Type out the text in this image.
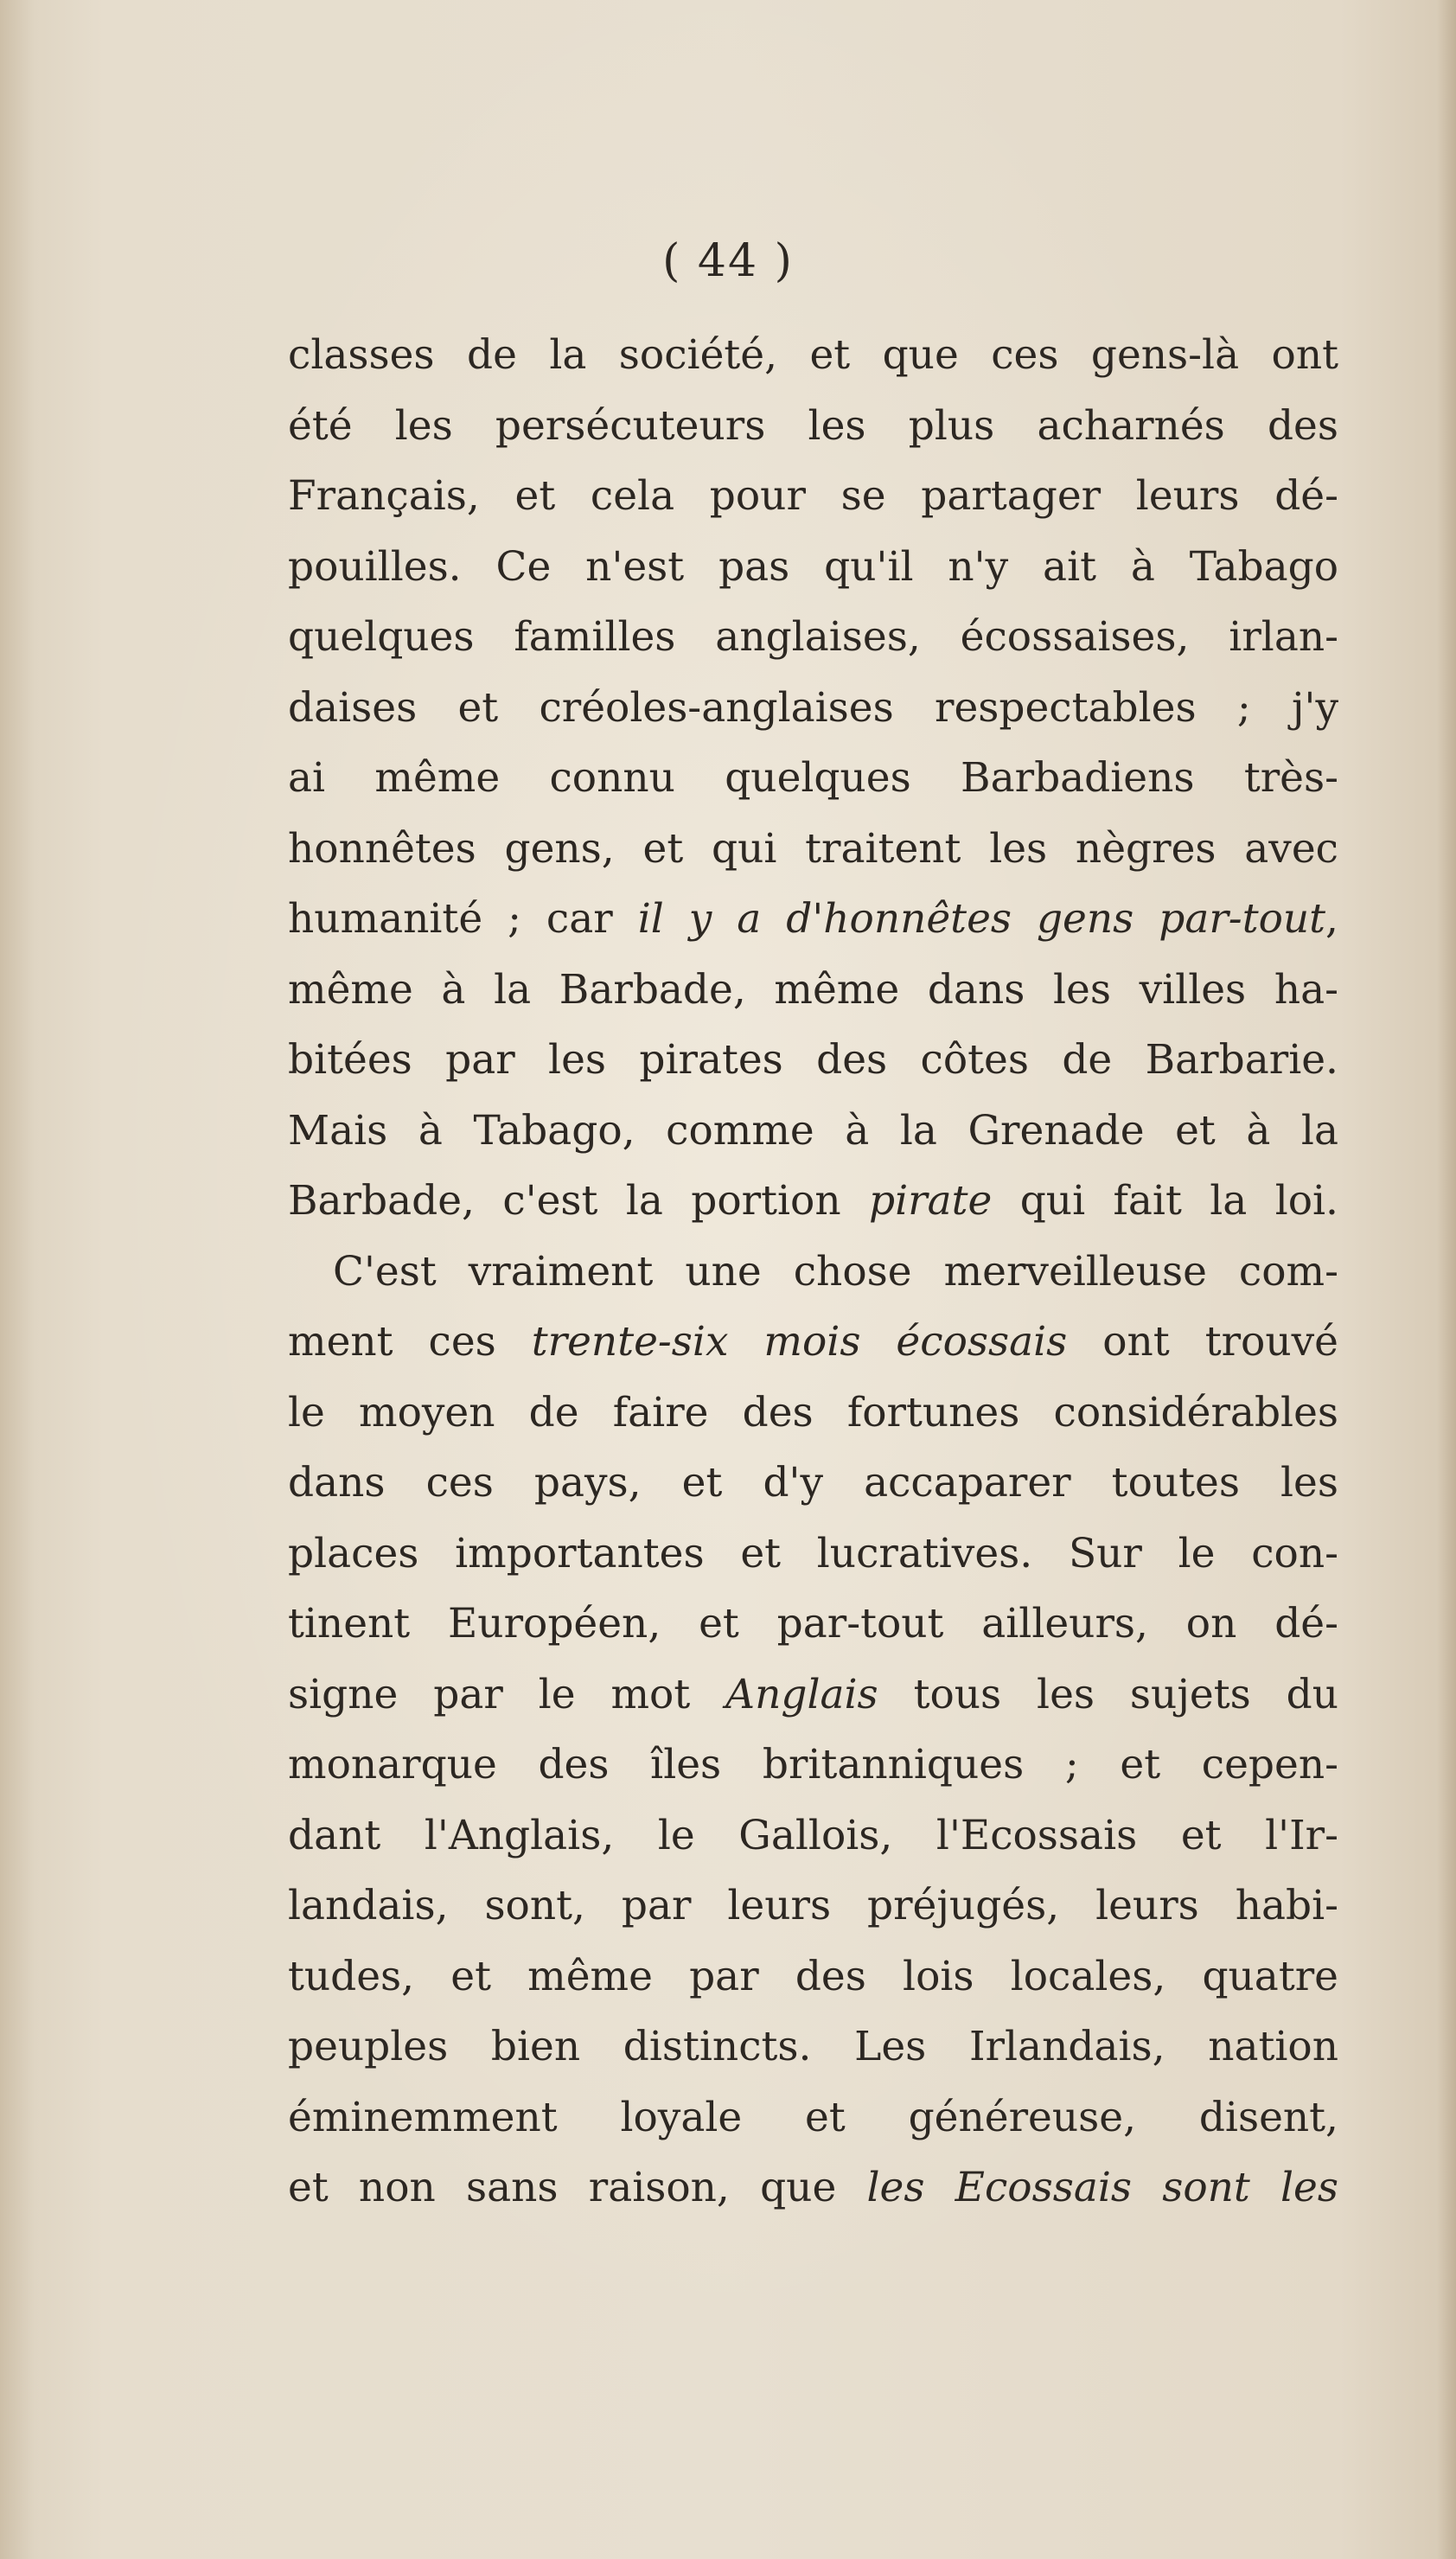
( 44 )
classes de la société, et que ces gens-là ont
été les persécuteurs les plus acharnés des
Français, et cela pour se partager leurs dé-
pouilles. Ce n'est pas qu'il n'y ait à Tabago
quelques familles anglaises, écossaises, irlan-
daises et créoles-anglaises respectables ; j'y
ai même connu quelques Barbadiens très-
honnêtes gens, et qui traitent les nègres avec
humanité ; car il y a d'honnêtes gens par-tout,
même à la Barbade, même dans les villes ha-
bitées par les pirates des côtes de Barbarie.
Mais à Tabago, comme à la Grenade et à la
Barbade, c'est la portion pirate qui fait la loi.
C'est vraiment une chose merveilleuse com-
ment ces trente-six mois écossais ont trouvé
le moyen de faire des fortunes considérables
dans ces pays, et d'y accaparer toutes les
places importantes et lucratives. Sur le con-
tinent Européen, et par-tout ailleurs, on dé-
signe par le mot Anglais tous les sujets du
monarque des îles britanniques ; et cepen-
dant l'Anglais, le Gallois, l'Ecossais et l'Ir-
landais, sont, par leurs préjugés, leurs habi-
tudes, et même par des lois locales, quatre
peuples bien distincts. Les Irlandais, nation
éminemment loyale et généreuse, disent,
et non sans raison, que les Ecossais sont les
